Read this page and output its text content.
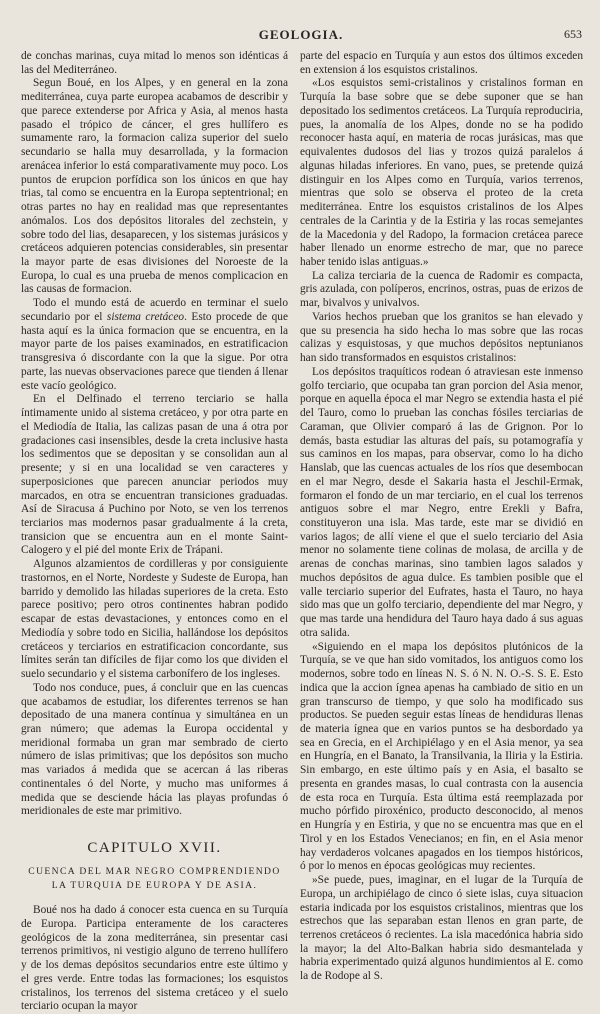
GEOLOGIA.	653

de conchas marinas, cuya mitad lo menos son idénticas á las del Mediterráneo.

Segun Boué, en los Alpes, y en general en la zona mediterránea, cuya parte europea acabamos de describir y que parece extenderse por Africa y Asia, al menos hasta pasado el trópico de cáncer, el gres hullífero es sumamente raro, la formacion caliza superior del suelo secundario se halla muy desarrollada, y la formacion arenácea inferior lo está comparativamente muy poco. Los puntos de erupcion porfídica son los únicos en que hay trias, tal como se encuentra en la Europa septentrional; en otras partes no hay en realidad mas que representantes anómalos. Los dos depósitos litorales del zechstein, y sobre todo del lias, desaparecen, y los sistemas jurásicos y cretáceos adquieren potencias considerables, sin presentar la mayor parte de esas divisiones del Noroeste de la Europa, lo cual es una prueba de menos complicacion en las causas de formacion.

Todo el mundo está de acuerdo en terminar el suelo secundario por el sistema cretáceo. Esto procede de que hasta aquí es la única formacion que se encuentra, en la mayor parte de los paises examinados, en estratificacion transgresiva ó discordante con la que la sigue. Por otra parte, las nuevas observaciones parece que tienden á llenar este vacío geológico.

En el Delfinado el terreno terciario se halla íntimamente unido al sistema cretáceo, y por otra parte en el Mediodía de Italia, las calizas pasan de una á otra por gradaciones casi insensibles, desde la creta inclusive hasta los sedimentos que se depositan y se consolidan aun al presente; y si en una localidad se ven caracteres y superposiciones que parecen anunciar periodos muy marcados, en otra se encuentran transiciones graduadas. Así de Siracusa á Puchino por Noto, se ven los terrenos terciarios mas modernos pasar gradualmente á la creta, transicion que se encuentra aun en el monte Saint-Calogero y el pié del monte Erix de Trápani.

Algunos alzamientos de cordilleras y por consiguiente trastornos, en el Norte, Nordeste y Sudeste de Europa, han barrido y demolido las hiladas superiores de la creta. Esto parece positivo; pero otros continentes habran podido escapar de estas devastaciones, y entonces como en el Mediodía y sobre todo en Sicilia, hallándose los depósitos cretáceos y terciarios en estratificacion concordante, sus límites serán tan difíciles de fijar como los que dividen el suelo secundario y el sistema carbonífero de los ingleses.

Todo nos conduce, pues, á concluir que en las cuencas que acabamos de estudiar, los diferentes terrenos se han depositado de una manera contínua y simultánea en un gran número; que ademas la Europa occidental y meridional formaba un gran mar sembrado de cierto número de islas primitivas; que los depósitos son mucho mas variados á medida que se acercan á las riberas continentales ó del Norte, y mucho mas uniformes á medida que se desciende hácia las playas profundas ó meridionales de este mar primitivo.

CAPITULO XVII.
CUENCA DEL MAR NEGRO COMPRENDIENDO LA TURQUIA DE EUROPA Y DE ASIA.

Boué nos ha dado á conocer esta cuenca en su Turquía de Europa. Participa enteramente de los caracteres geológicos de la zona mediterránea, sin presentar casi terrenos primitivos, ni vestigio alguno de terreno hullífero y de los demas depósitos secundarios entre este último y el gres verde. Entre todas las formaciones; los esquistos cristalinos, los terrenos del sistema cretáceo y el suelo terciario ocupan la mayor

parte del espacio en Turquía y aun estos dos últimos exceden en extension á los esquistos cristalinos.

«Los esquistos semi-cristalinos y cristalinos forman en Turquía la base sobre que se debe suponer que se han depositado los sedimentos cretáceos. La Turquía reproduciria, pues, la anomalía de los Alpes, donde no se ha podido reconocer hasta aquí, en materia de rocas jurásicas, mas que equivalentes dudosos del lias y trozos quizá paralelos á algunas hiladas inferiores. En vano, pues, se pretende quizá distinguir en los Alpes como en Turquía, varios terrenos, mientras que solo se observa el proteo de la creta mediterránea. Entre los esquistos cristalinos de los Alpes centrales de la Carintia y de la Estiria y las rocas semejantes de la Macedonia y del Radopo, la formacion cretácea parece haber llenado un enorme estrecho de mar, que no parece haber tenido islas antiguas.»

La caliza terciaria de la cuenca de Radomir es compacta, gris azulada, con políperos, encrinos, ostras, puas de erizos de mar, bivalvos y univalvos.

Varios hechos prueban que los granitos se han elevado y que su presencia ha sido hecha lo mas sobre que las rocas calizas y esquistosas, y que muchos depósitos neptunianos han sido transformados en esquistos cristalinos:

Los depósitos traquíticos rodean ó atraviesan este inmenso golfo terciario, que ocupaba tan gran porcion del Asia menor, porque en aquella época el mar Negro se extendia hasta el pié del Tauro, como lo prueban las conchas fósiles terciarias de Caraman, que Olivier comparó á las de Grignon. Por lo demás, basta estudiar las alturas del país, su potamografía y sus caminos en los mapas, para observar, como lo ha dicho Hanslab, que las cuencas actuales de los ríos que desembocan en el mar Negro, desde el Sakaria hasta el Jeschil-Ermak, formaron el fondo de un mar terciario, en el cual los terrenos antiguos sobre el mar Negro, entre Erekli y Bafra, constituyeron una isla. Mas tarde, este mar se dividió en varios lagos; de allí viene el que el suelo terciario del Asia menor no solamente tiene colinas de molasa, de arcilla y de arenas de conchas marinas, sino tambien lagos salados y muchos depósitos de agua dulce. Es tambien posible que el valle terciario superior del Eufrates, hasta el Tauro, no haya sido mas que un golfo terciario, dependiente del mar Negro, y que mas tarde una hendidura del Tauro haya dado á sus aguas otra salida.

«Siguiendo en el mapa los depósitos plutónicos de la Turquía, se ve que han sido vomitados, los antiguos como los modernos, sobre todo en líneas N. S. ó N. N. O.-S. S. E. Esto indica que la accion ígnea apenas ha cambiado de sitio en un gran transcurso de tiempo, y que solo ha modificado sus productos. Se pueden seguir estas líneas de hendiduras llenas de materia ígnea que en varios puntos se ha desbordado ya sea en Grecia, en el Archipiélago y en el Asia menor, ya sea en Hungría, en el Banato, la Transilvania, la Iliria y la Estiria. Sin embargo, en este último país y en Asia, el basalto se presenta en grandes masas, lo cual contrasta con la ausencia de esta roca en Turquía. Esta última está reemplazada por mucho pórfido piroxénico, producto desconocido, al menos en Hungría y en Estiria, y que no se encuentra mas que en el Tirol y en los Estados Venecianos; en fin, en el Asia menor hay verdaderos volcanes apagados en los tiempos históricos, ó por lo menos en épocas geológicas muy recientes.

»Se puede, pues, imaginar, en el lugar de la Turquía de Europa, un archipiélago de cinco ó siete islas, cuya situacion estaria indicada por los esquistos cristalinos, mientras que los estrechos que las separaban estan llenos en gran parte, de terrenos cretáceos ó recientes. La isla macedónica habria sido la mayor; la del Alto-Balkan habria sido desmantelada y habria experimentado quizá algunos hundimientos al E. como la de Rodope al S.
